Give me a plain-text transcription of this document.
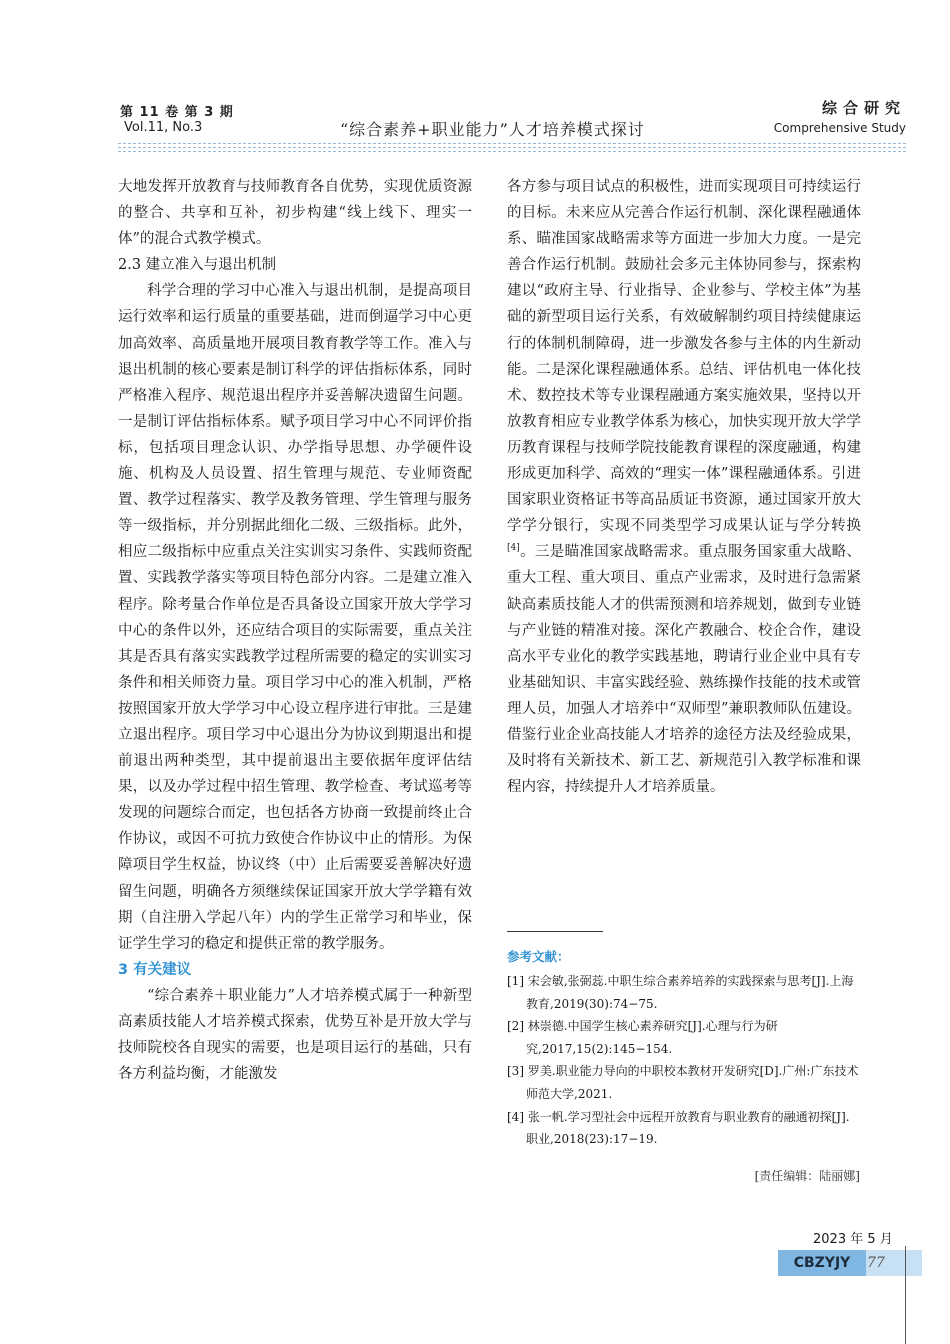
第 11 卷 第 3 期
Vol.11, No.3	“综合素养+职业能力”人才培养模式探讨
综合研究
Comprehensive Study

大地发挥开放教育与技师教育各自优势，实现优质资源的整合、共享和互补，初步构建“线上线下、理实一体”的混合式教学模式。

2.3 建立准入与退出机制

科学合理的学习中心准入与退出机制，是提高项目运行效率和运行质量的重要基础，进而倒逼学习中心更加高效率、高质量地开展项目教育教学等工作。准入与退出机制的核心要素是制订科学的评估指标体系，同时严格准入程序、规范退出程序并妥善解决遗留生问题。一是制订评估指标体系。赋予项目学习中心不同评价指标，包括项目理念认识、办学指导思想、办学硬件设施、机构及人员设置、招生管理与规范、专业师资配置、教学过程落实、教学及教务管理、学生管理与服务等一级指标，并分别据此细化二级、三级指标。此外，相应二级指标中应重点关注实训实习条件、实践师资配置、实践教学落实等项目特色部分内容。二是建立准入程序。除考量合作单位是否具备设立国家开放大学学习中心的条件以外，还应结合项目的实际需要，重点关注其是否具有落实实践教学过程所需要的稳定的实训实习条件和相关师资力量。项目学习中心的准入机制，严格按照国家开放大学学习中心设立程序进行审批。三是建立退出程序。项目学习中心退出分为协议到期退出和提前退出两种类型，其中提前退出主要依据年度评估结果，以及办学过程中招生管理、教学检查、考试巡考等发现的问题综合而定，也包括各方协商一致提前终止合作协议，或因不可抗力致使合作协议中止的情形。为保障项目学生权益，协议终（中）止后需要妥善解决好遗留生问题，明确各方须继续保证国家开放大学学籍有效期（自注册入学起八年）内的学生正常学习和毕业，保证学生学习的稳定和提供正常的教学服务。

3 有关建议

“综合素养＋职业能力”人才培养模式属于一种新型高素质技能人才培养模式探索，优势互补是开放大学与技师院校各自现实的需要，也是项目运行的基础，只有各方利益均衡，才能激发

各方参与项目试点的积极性，进而实现项目可持续运行的目标。未来应从完善合作运行机制、深化课程融通体系、瞄准国家战略需求等方面进一步加大力度。一是完善合作运行机制。鼓励社会多元主体协同参与，探索构建以“政府主导、行业指导、企业参与、学校主体”为基础的新型项目运行关系，有效破解制约项目持续健康运行的体制机制障碍，进一步激发各参与主体的内生新动能。二是深化课程融通体系。总结、评估机电一体化技术、数控技术等专业课程融通方案实施效果，坚持以开放教育相应专业教学体系为核心，加快实现开放大学学历教育课程与技师学院技能教育课程的深度融通，构建形成更加科学、高效的“理实一体”课程融通体系。引进国家职业资格证书等高品质证书资源，通过国家开放大学学分银行，实现不同类型学习成果认证与学分转换[4]。三是瞄准国家战略需求。重点服务国家重大战略、重大工程、重大项目、重点产业需求，及时进行急需紧缺高素质技能人才的供需预测和培养规划，做到专业链与产业链的精准对接。深化产教融合、校企合作，建设高水平专业化的教学实践基地，聘请行业企业中具有专业基础知识、丰富实践经验、熟练操作技能的技术或管理人员，加强人才培养中“双师型”兼职教师队伍建设。借鉴行业企业高技能人才培养的途径方法及经验成果，及时将有关新技术、新工艺、新规范引入教学标准和课程内容，持续提升人才培养质量。

参考文献：

[1] 宋会敏,张弼蕊.中职生综合素养培养的实践探索与思考[J].上海教育,2019(30):74−75.

[2] 林崇德.中国学生核心素养研究[J].心理与行为研究,2017,15(2):145−154.

[3] 罗美.职业能力导向的中职校本教材开发研究[D].广州:广东技术师范大学,2021.

[4] 张一帆.学习型社会中远程开放教育与职业教育的融通初探[J].职业,2018(23):17−19.

[责任编辑：陆丽娜]
2023 年 5 月
CBZYJY	77
